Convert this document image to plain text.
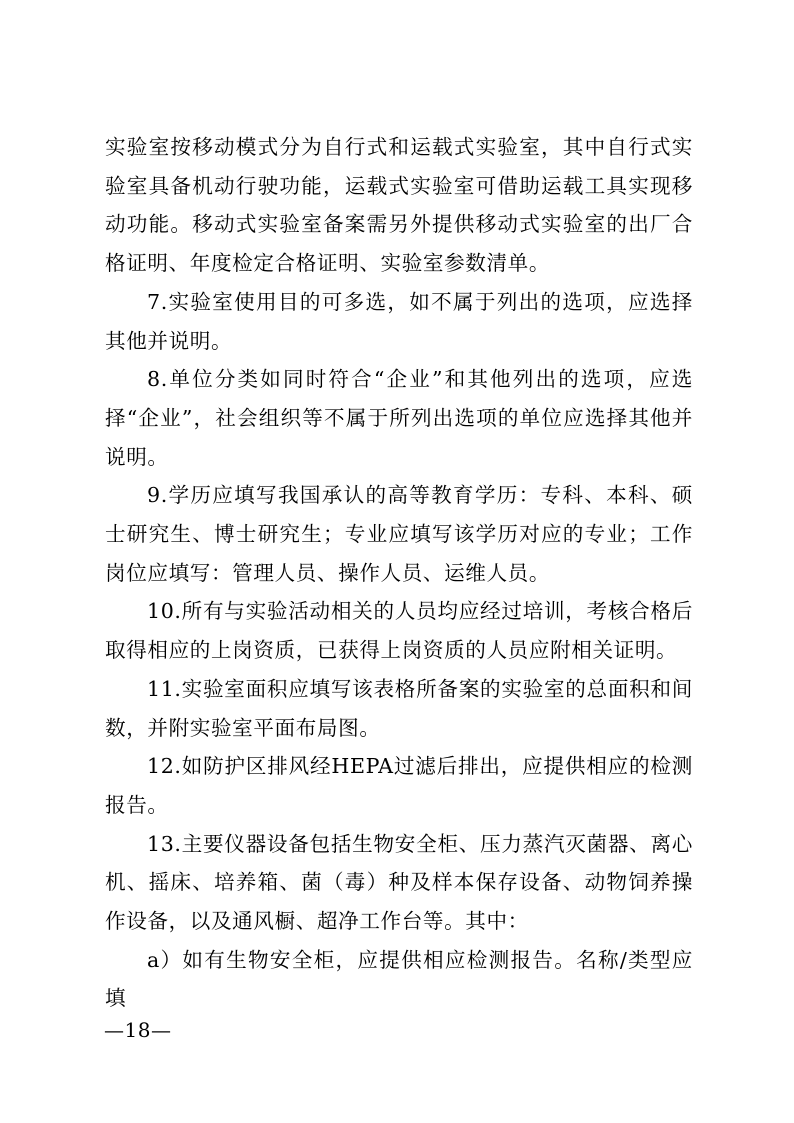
实验室按移动模式分为自行式和运载式实验室，其中自行式实验室具备机动行驶功能，运载式实验室可借助运载工具实现移动功能。移动式实验室备案需另外提供移动式实验室的出厂合格证明、年度检定合格证明、实验室参数清单。

7.实验室使用目的可多选，如不属于列出的选项，应选择其他并说明。

8.单位分类如同时符合“企业”和其他列出的选项，应选择“企业”，社会组织等不属于所列出选项的单位应选择其他并说明。

9.学历应填写我国承认的高等教育学历：专科、本科、硕士研究生、博士研究生；专业应填写该学历对应的专业；工作岗位应填写：管理人员、操作人员、运维人员。

10.所有与实验活动相关的人员均应经过培训，考核合格后取得相应的上岗资质，已获得上岗资质的人员应附相关证明。

11.实验室面积应填写该表格所备案的实验室的总面积和间数，并附实验室平面布局图。

12.如防护区排风经HEPA过滤后排出，应提供相应的检测报告。

13.主要仪器设备包括生物安全柜、压力蒸汽灭菌器、离心机、摇床、培养箱、菌（毒）种及样本保存设备、动物饲养操作设备，以及通风橱、超净工作台等。其中：

a）如有生物安全柜，应提供相应检测报告。名称/类型应填

—18—
